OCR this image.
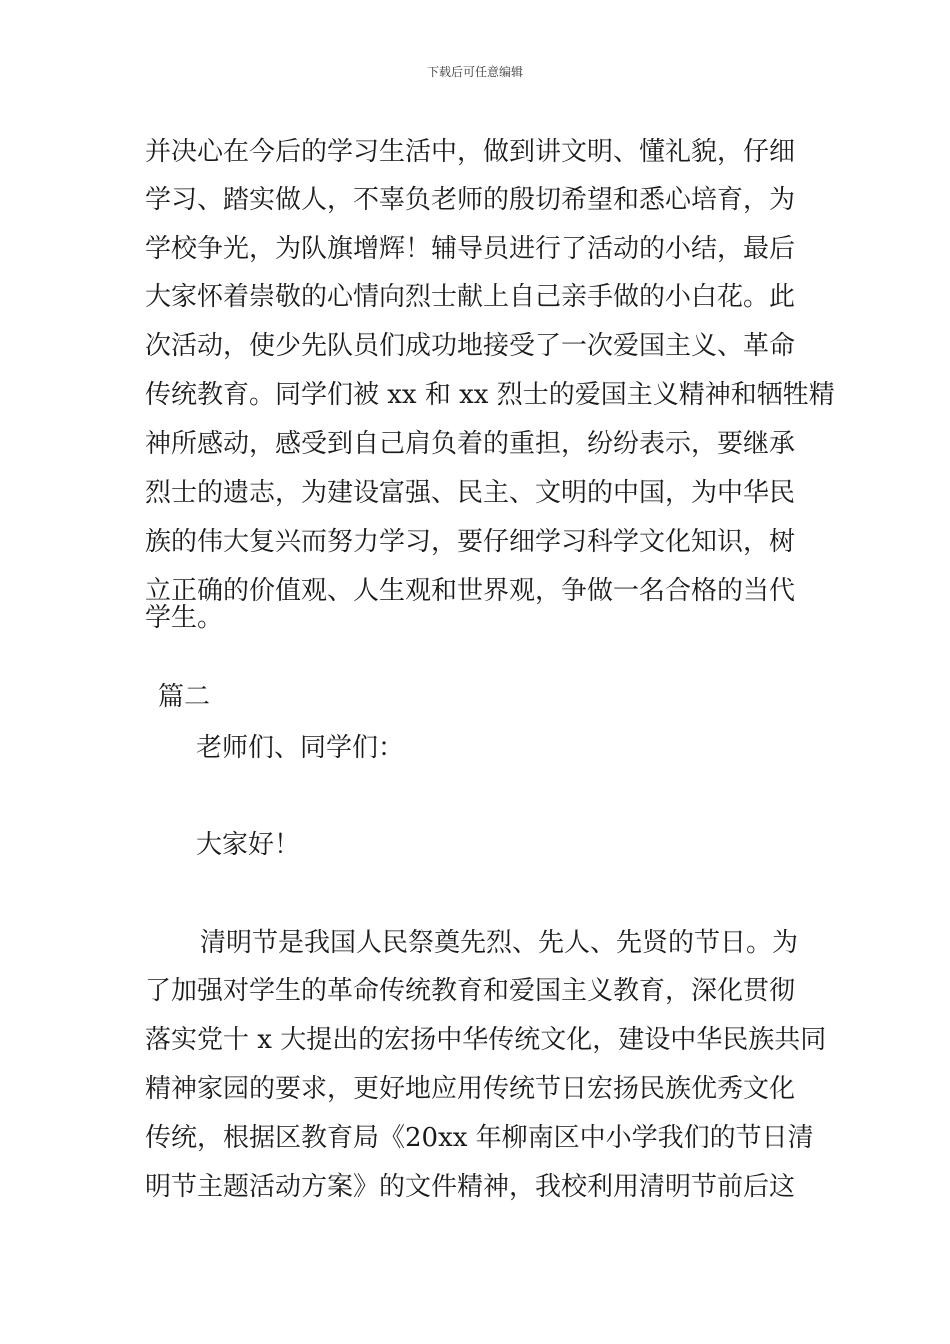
下载后可任意编辑
并决心在今后的学习生活中，做到讲文明、懂礼貌，仔细
学习、踏实做人，不辜负老师的殷切希望和悉心培育，为
学校争光，为队旗增辉！辅导员进行了活动的小结，最后
大家怀着崇敬的心情向烈士献上自己亲手做的小白花。此
次活动，使少先队员们成功地接受了一次爱国主义、革命
传统教育。同学们被 xx 和 xx 烈士的爱国主义精神和牺牲精
神所感动，感受到自己肩负着的重担，纷纷表示，要继承
烈士的遗志，为建设富强、民主、文明的中国，为中华民
族的伟大复兴而努力学习，要仔细学习科学文化知识，树
立正确的价值观、人生观和世界观，争做一名合格的当代
学生。
篇二
老师们、同学们：
大家好！
清明节是我国人民祭奠先烈、先人、先贤的节日。为
了加强对学生的革命传统教育和爱国主义教育，深化贯彻
落实党十 x 大提出的宏扬中华传统文化，建设中华民族共同
精神家园的要求，更好地应用传统节日宏扬民族优秀文化
传统，根据区教育局《20xx 年柳南区中小学我们的节日清
明节主题活动方案》的文件精神，我校利用清明节前后这
